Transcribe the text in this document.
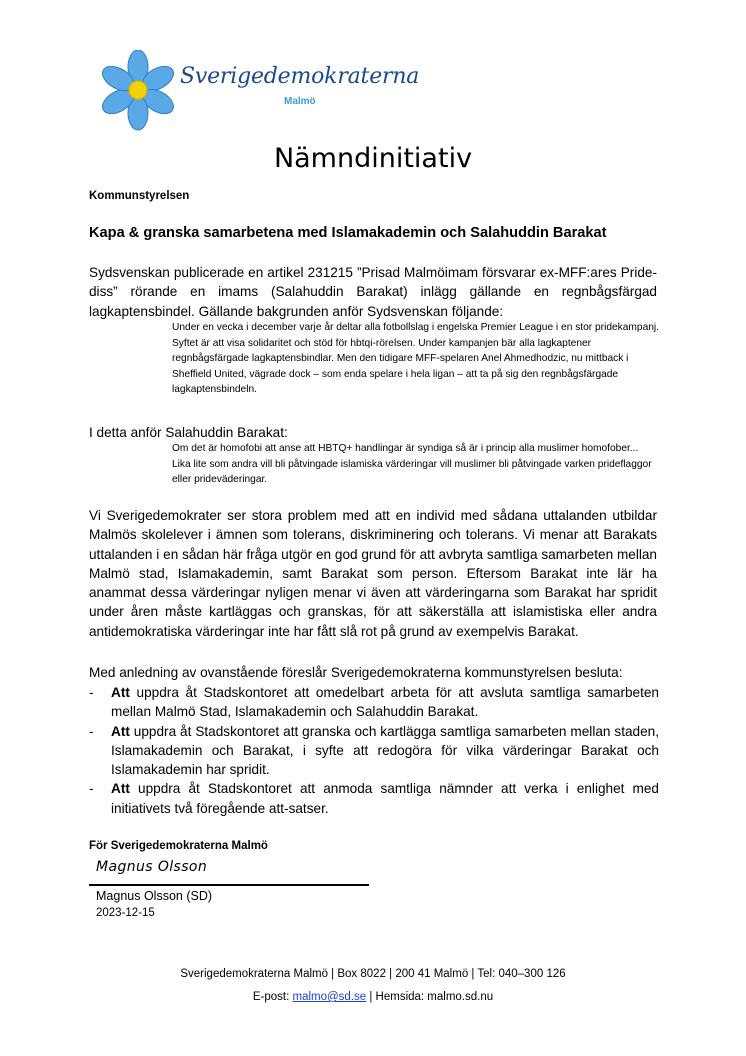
Sverigedemokraterna
Malmö
Nämndinitiativ
Kommunstyrelsen
Kapa & granska samarbetena med Islamakademin och Salahuddin Barakat

Sydsvenskan publicerade en artikel 231215 ”Prisad Malmöimam försvarar ex-MFF:ares Pride-diss” rörande en imams (Salahuddin Barakat) inlägg gällande en regnbågsfärgad lagkaptensbindel. Gällande bakgrunden anför Sydsvenskan följande:

Under en vecka i december varje år deltar alla fotbollslag i engelska Premier League i en stor pridekampanj. Syftet är att visa solidaritet och stöd för hbtqi-rörelsen. Under kampanjen bär alla lagkaptener regnbågsfärgade lagkaptensbindlar. Men den tidigare MFF-spelaren Anel Ahmedhodzic, nu mittback i Sheffield United, vägrade dock – som enda spelare i hela ligan – att ta på sig den regnbågsfärgade lagkaptensbindeln.

I detta anför Salahuddin Barakat:

Om det är homofobi att anse att HBTQ+ handlingar är syndiga så är i princip alla muslimer homofober... Lika lite som andra vill bli påtvingade islamiska värderingar vill muslimer bli påtvingade varken prideflaggor eller prideväderingar.

Vi Sverigedemokrater ser stora problem med att en individ med sådana uttalanden utbildar Malmös skolelever i ämnen som tolerans, diskriminering och tolerans. Vi menar att Barakats uttalanden i en sådan här fråga utgör en god grund för att avbryta samtliga samarbeten mellan Malmö stad, Islamakademin, samt Barakat som person. Eftersom Barakat inte lär ha anammat dessa värderingar nyligen menar vi även att värderingarna som Barakat har spridit under åren måste kartläggas och granskas, för att säkerställa att islamistiska eller andra antidemokratiska värderingar inte har fått slå rot på grund av exempelvis Barakat.

Med anledning av ovanstående föreslår Sverigedemokraterna kommunstyrelsen besluta:

- Att uppdra åt Stadskontoret att omedelbart arbeta för att avsluta samtliga samarbeten mellan Malmö Stad, Islamakademin och Salahuddin Barakat.
- Att uppdra åt Stadskontoret att granska och kartlägga samtliga samarbeten mellan staden, Islamakademin och Barakat, i syfte att redogöra för vilka värderingar Barakat och Islamakademin har spridit.
- Att uppdra åt Stadskontoret att anmoda samtliga nämnder att verka i enlighet med initiativets två föregående att-satser.
För Sverigedemokraterna Malmö
Magnus Olsson
Magnus Olsson (SD)
2023-12-15
Sverigedemokraterna Malmö | Box 8022 | 200 41 Malmö | Tel: 040–300 126
E-post: malmo@sd.se | Hemsida: malmo.sd.nu
